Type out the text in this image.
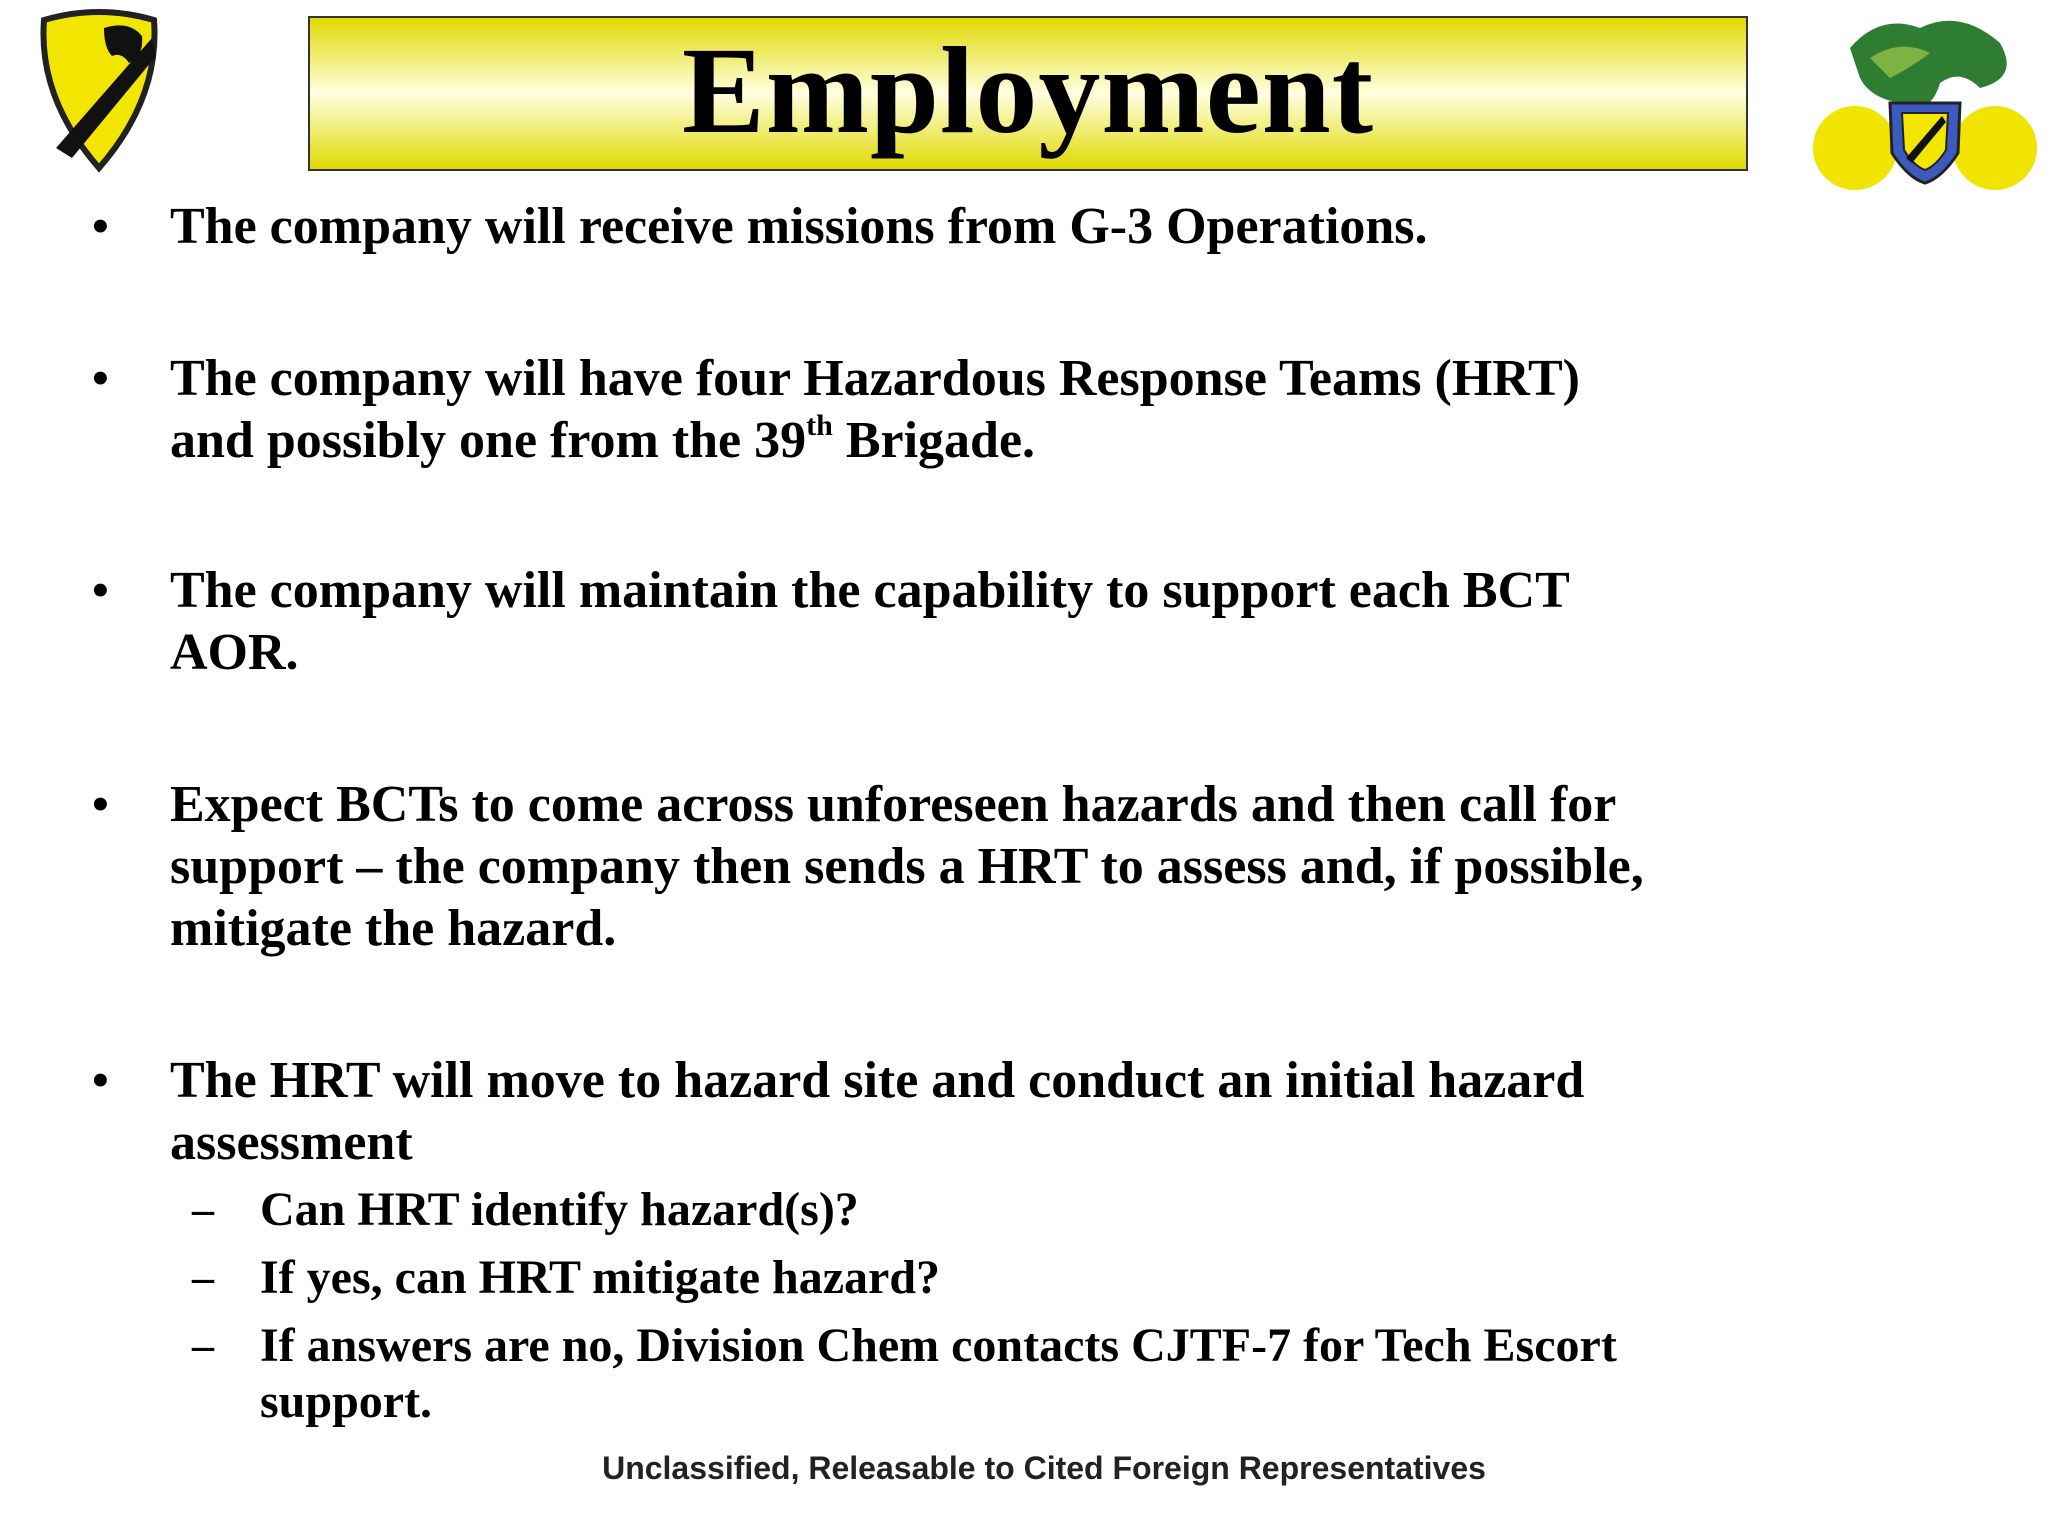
Employment
• The company will receive missions from G-3 Operations.
• The company will have four Hazardous Response Teams (HRT)
and possibly one from the 39th Brigade.
• The company will maintain the capability to support each BCT
AOR.
• Expect BCTs to come across unforeseen hazards and then call for
support – the company then sends a HRT to assess and, if possible,
mitigate the hazard.
• The HRT will move to hazard site and conduct an initial hazard
assessment
– Can HRT identify hazard(s)?
– If yes, can HRT mitigate hazard?
– If answers are no, Division Chem contacts CJTF-7 for Tech Escort
support.
Unclassified, Releasable to Cited Foreign Representatives
